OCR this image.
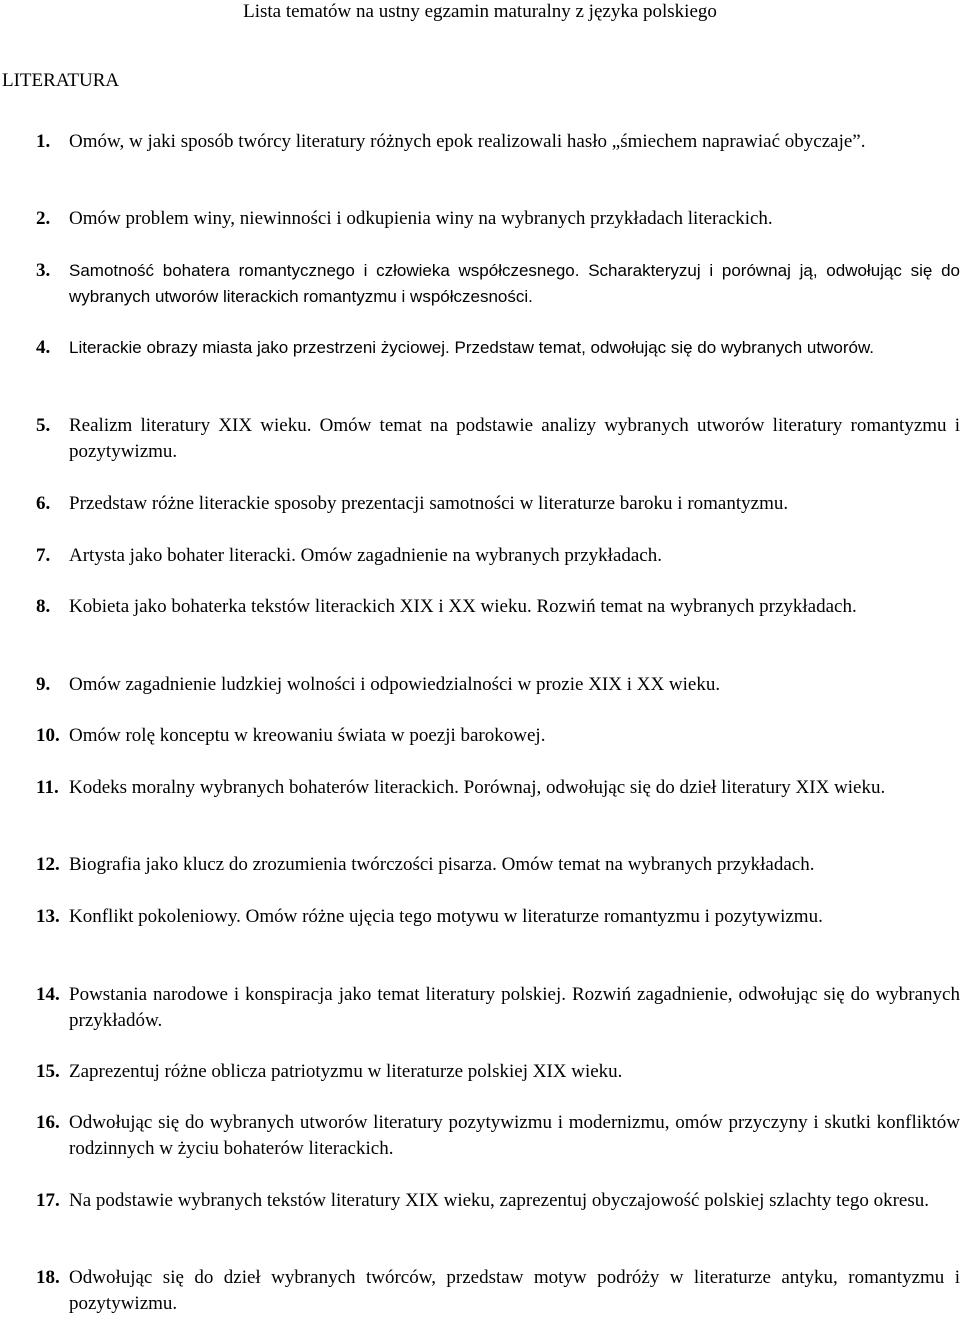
Lista tematów na ustny egzamin maturalny z języka polskiego
LITERATURA
1. Omów, w jaki sposób twórcy literatury różnych epok realizowali hasło „śmiechem naprawiać obyczaje”.
2. Omów problem winy, niewinności i odkupienia winy na wybranych przykładach literackich.
3. Samotność bohatera romantycznego i człowieka współczesnego. Scharakteryzuj i porównaj ją, odwołując się do wybranych utworów literackich romantyzmu i współczesności.
4. Literackie obrazy miasta jako przestrzeni życiowej. Przedstaw temat, odwołując się do wybranych utworów.
5. Realizm literatury XIX wieku. Omów temat na podstawie analizy wybranych utworów literatury romantyzmu i pozytywizmu.
6. Przedstaw różne literackie sposoby prezentacji samotności w literaturze baroku i romantyzmu.
7. Artysta jako bohater literacki. Omów zagadnienie na wybranych przykładach.
8. Kobieta jako bohaterka tekstów literackich XIX i XX wieku. Rozwiń temat na wybranych przykładach.
9. Omów zagadnienie ludzkiej wolności i odpowiedzialności w prozie XIX i XX wieku.
10. Omów rolę konceptu w kreowaniu świata w poezji barokowej.
11. Kodeks moralny wybranych bohaterów literackich. Porównaj, odwołując się do dzieł literatury XIX wieku.
12. Biografia jako klucz do zrozumienia twórczości pisarza. Omów temat na wybranych przykładach.
13. Konflikt pokoleniowy. Omów różne ujęcia tego motywu w literaturze romantyzmu i pozytywizmu.
14. Powstania narodowe i konspiracja jako temat literatury polskiej. Rozwiń zagadnienie, odwołując się do wybranych przykładów.
15. Zaprezentuj różne oblicza patriotyzmu w literaturze polskiej XIX wieku.
16. Odwołując się do wybranych utworów literatury pozytywizmu i modernizmu, omów przyczyny i skutki konfliktów rodzinnych w życiu bohaterów literackich.
17. Na podstawie wybranych tekstów literatury XIX wieku, zaprezentuj obyczajowość polskiej szlachty tego okresu.
18. Odwołując się do dzieł wybranych twórców, przedstaw motyw podróży w literaturze antyku, romantyzmu i pozytywizmu.
